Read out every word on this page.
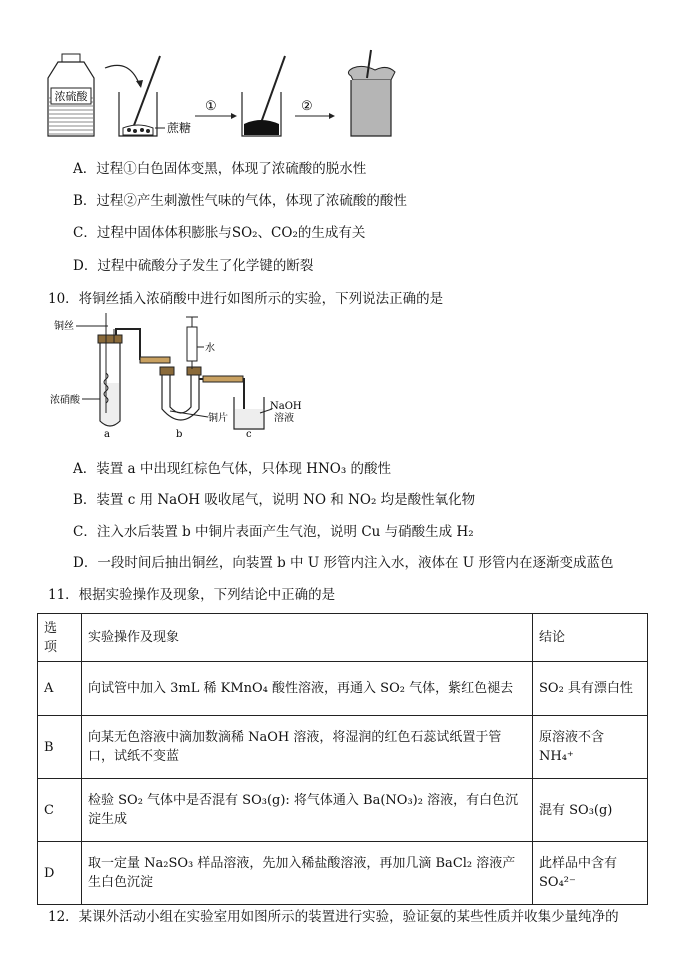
浓硫酸
蔗糖
①	②
A．过程①白色固体变黑，体现了浓硫酸的脱水性
B．过程②产生刺激性气味的气体，体现了浓硫酸的酸性
C．过程中固体体积膨胀与SO₂、CO₂的生成有关
D．过程中硫酸分子发生了化学键的断裂
10．将铜丝插入浓硝酸中进行如图所示的实验，下列说法正确的是
铜丝
浓硝酸
a
铜片
b
水
NaOH
溶液
c
A．装置 a 中出现红棕色气体，只体现 HNO₃ 的酸性
B．装置 c 用 NaOH 吸收尾气，说明 NO 和 NO₂ 均是酸性氧化物
C．注入水后装置 b 中铜片表面产生气泡，说明 Cu 与硝酸生成 H₂
D．一段时间后抽出铜丝，向装置 b 中 U 形管内注入水，液体在 U 形管内在逐渐变成蓝色
11．根据实验操作及现象，下列结论中正确的是
选
项	实验操作及现象	结论
A	向试管中加入 3mL 稀 KMnO₄ 酸性溶液，再通入 SO₂ 气体，紫红色褪去	SO₂ 具有漂白性
B	向某无色溶液中滴加数滴稀 NaOH 溶液，将湿润的红色石蕊试纸置于管口，试纸不变蓝	原溶液不含 NH₄⁺
C	检验 SO₂ 气体中是否混有 SO₃(g): 将气体通入 Ba(NO₃)₂ 溶液，有白色沉淀生成	混有 SO₃(g)
D	取一定量 Na₂SO₃ 样品溶液，先加入稀盐酸溶液，再加几滴 BaCl₂ 溶液产生白色沉淀	此样品中含有 SO₄²⁻
12．某课外活动小组在实验室用如图所示的装置进行实验，验证氨的某些性质并收集少量纯净的
